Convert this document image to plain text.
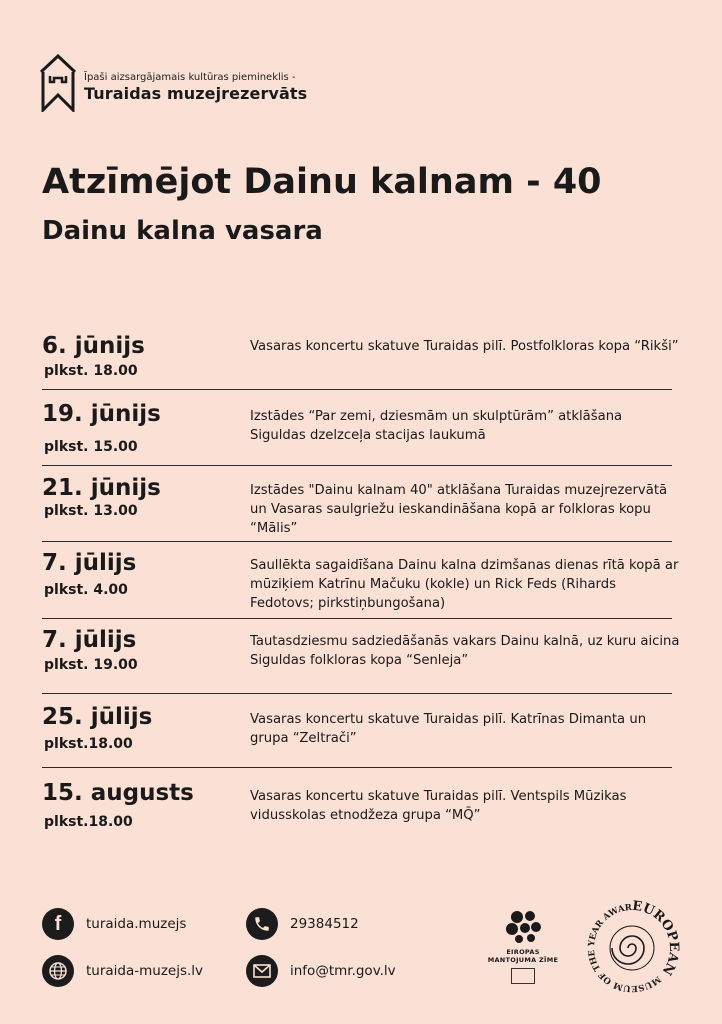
Īpaši aizsargājamais kultūras piemineklis -
Turaidas muzejrezervāts
Atzīmējot Dainu kalnam - 40
Dainu kalna vasara
6. jūnijs
plkst. 18.00
Vasaras koncertu skatuve Turaidas pilī. Postfolkloras kopa “Rikši”
19. jūnijs
plkst. 15.00
Izstādes “Par zemi, dziesmām un skulptūrām” atklāšana Siguldas dzelzceļa stacijas laukumā
21. jūnijs
plkst. 13.00
Izstādes "Dainu kalnam 40" atklāšana Turaidas muzejrezervātā un Vasaras saulgriežu ieskandināšana kopā ar folkloras kopu “Mālis”
7. jūlijs
plkst. 4.00
Saullēkta sagaidīšana Dainu kalna dzimšanas dienas rītā kopā ar mūziķiem Katrīnu Mačuku (kokle) un Rick Feds (Rihards Fedotovs; pirkstiņbungošana)
7. jūlijs
plkst. 19.00
Tautasdziesmu sadziedāšanās vakars Dainu kalnā, uz kuru aicina Siguldas folkloras kopa “Senleja”
25. jūlijs
plkst.18.00
Vasaras koncertu skatuve Turaidas pilī. Katrīnas Dimanta un grupa “Zeltrači”
15. augusts
plkst.18.00
Vasaras koncertu skatuve Turaidas pilī. Ventspils Mūzikas vidusskolas etnodžeza grupa “MQ̄”
f turaida.muzejs
turaida-muzejs.lv
29384512
info@tmr.gov.lv
EIROPAS
MANTOJUMA ZĪME
EUROPEAN
MUSEUM OF THE YEAR AWAR
